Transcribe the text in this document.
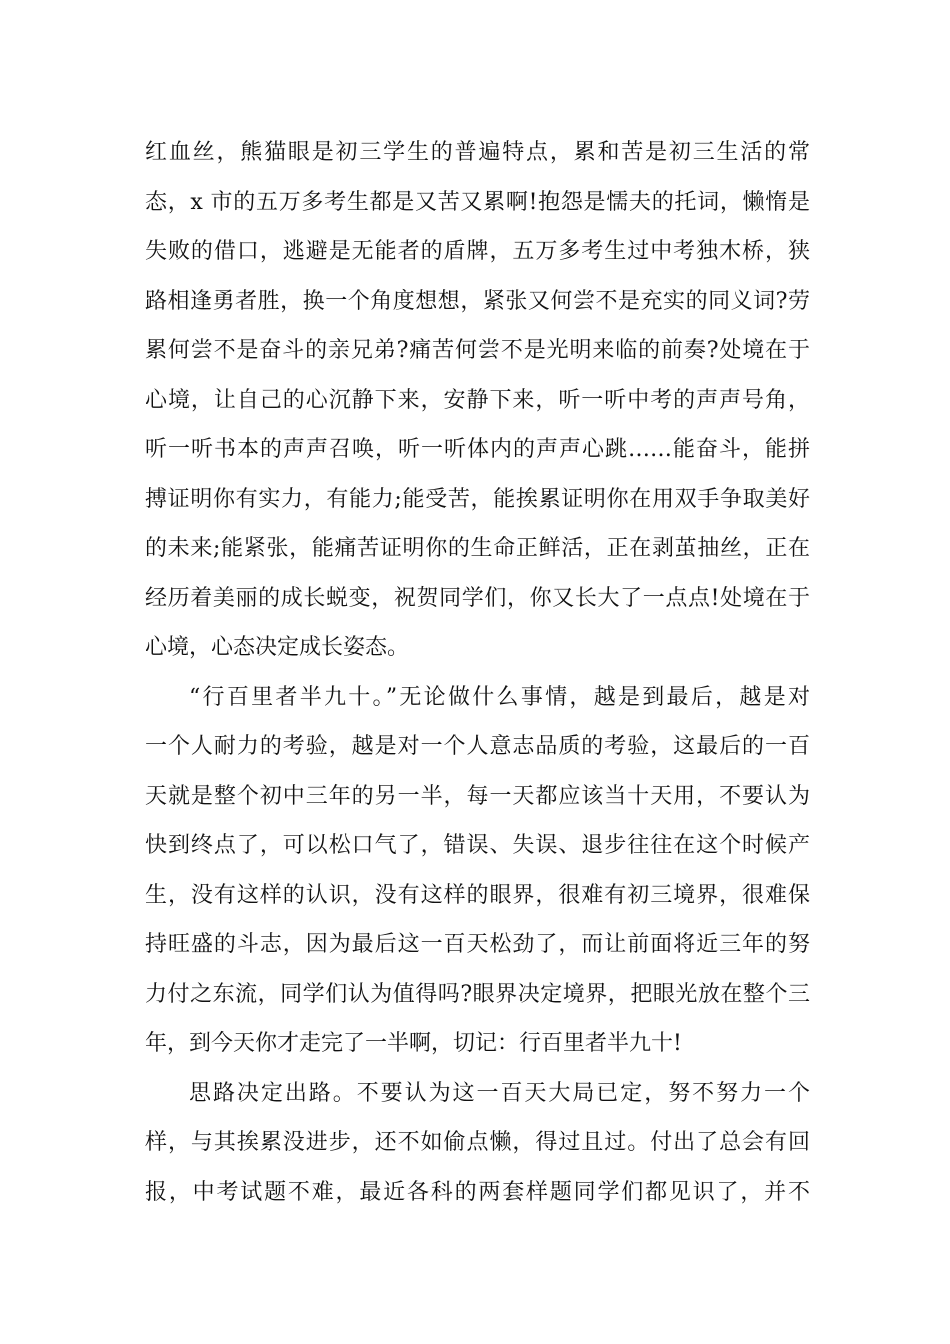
红血丝，熊猫眼是初三学生的普遍特点，累和苦是初三生活的常
态，x 市的五万多考生都是又苦又累啊!抱怨是懦夫的托词，懒惰是
失败的借口，逃避是无能者的盾牌，五万多考生过中考独木桥，狭
路相逢勇者胜，换一个角度想想，紧张又何尝不是充实的同义词?劳
累何尝不是奋斗的亲兄弟?痛苦何尝不是光明来临的前奏?处境在于
心境，让自己的心沉静下来，安静下来，听一听中考的声声号角，
听一听书本的声声召唤，听一听体内的声声心跳……能奋斗，能拼
搏证明你有实力，有能力;能受苦，能挨累证明你在用双手争取美好
的未来;能紧张，能痛苦证明你的生命正鲜活，正在剥茧抽丝，正在
经历着美丽的成长蜕变，祝贺同学们，你又长大了一点点!处境在于
心境，心态决定成长姿态。
“行百里者半九十。”无论做什么事情，越是到最后，越是对
一个人耐力的考验，越是对一个人意志品质的考验，这最后的一百
天就是整个初中三年的另一半，每一天都应该当十天用，不要认为
快到终点了，可以松口气了，错误、失误、退步往往在这个时候产
生，没有这样的认识，没有这样的眼界，很难有初三境界，很难保
持旺盛的斗志，因为最后这一百天松劲了，而让前面将近三年的努
力付之东流，同学们认为值得吗?眼界决定境界，把眼光放在整个三
年，到今天你才走完了一半啊，切记：行百里者半九十!
思路决定出路。不要认为这一百天大局已定，努不努力一个
样，与其挨累没进步，还不如偷点懒，得过且过。付出了总会有回
报，中考试题不难，最近各科的两套样题同学们都见识了，并不
